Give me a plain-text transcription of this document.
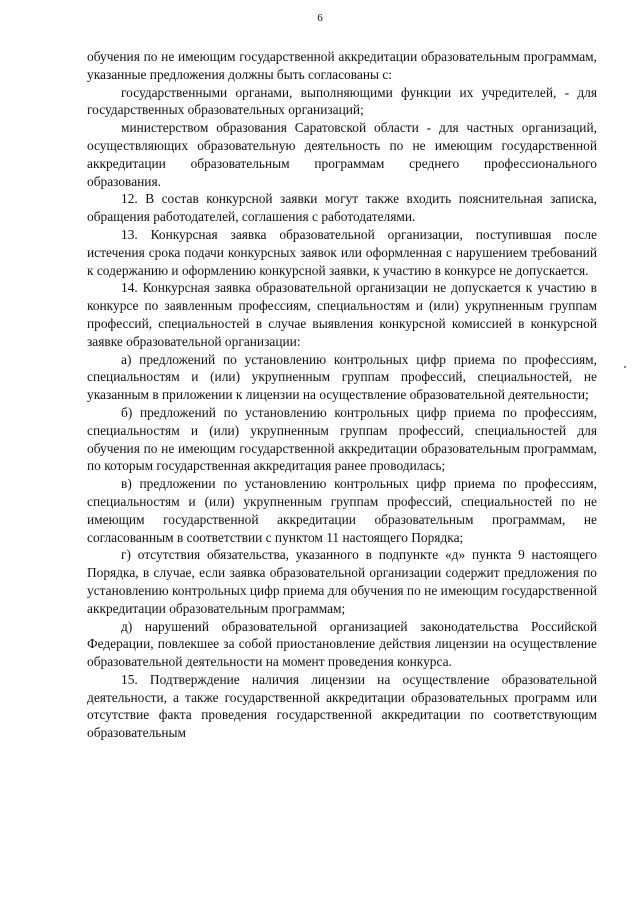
6

обучения по не имеющим государственной аккредитации образовательным программам, указанные предложения должны быть согласованы с:

государственными органами, выполняющими функции их учредителей, - для государственных образовательных организаций;

министерством образования Саратовской области - для частных организаций, осуществляющих образовательную деятельность по не имеющим государственной аккредитации образовательным программам среднего профессионального образования.

12. В состав конкурсной заявки могут также входить пояснительная записка, обращения работодателей, соглашения с работодателями.

13. Конкурсная заявка образовательной организации, поступившая после истечения срока подачи конкурсных заявок или оформленная с нарушением требований к содержанию и оформлению конкурсной заявки, к участию в конкурсе не допускается.

14. Конкурсная заявка образовательной организации не допускается к участию в конкурсе по заявленным профессиям, специальностям и (или) укрупненным группам профессий, специальностей в случае выявления конкурсной комиссией в конкурсной заявке образовательной организации:

а) предложений по установлению контрольных цифр приема по профессиям, специальностям и (или) укрупненным группам профессий, специальностей, не указанным в приложении к лицензии на осуществление образовательной деятельности;

б) предложений по установлению контрольных цифр приема по профессиям, специальностям и (или) укрупненным группам профессий, специальностей для обучения по не имеющим государственной аккредитации образовательным программам, по которым государственная аккредитация ранее проводилась;

в) предложении по установлению контрольных цифр приема по профессиям, специальностям и (или) укрупненным группам профессий, специальностей по не имеющим государственной аккредитации образовательным программам, не согласованным в соответствии с пунктом 11 настоящего Порядка;

г) отсутствия обязательства, указанного в подпункте «д» пункта 9 настоящего Порядка, в случае, если заявка образовательной организации содержит предложения по установлению контрольных цифр приема для обучения по не имеющим государственной аккредитации образовательным программам;

д) нарушений образовательной организацией законодательства Российской Федерации, повлекшее за собой приостановление действия лицензии на осуществление образовательной деятельности на момент проведения конкурса.

15. Подтверждение наличия лицензии на осуществление образовательной деятельности, а также государственной аккредитации образовательных программ или отсутствие факта проведения государственной аккредитации по соответствующим образовательным
